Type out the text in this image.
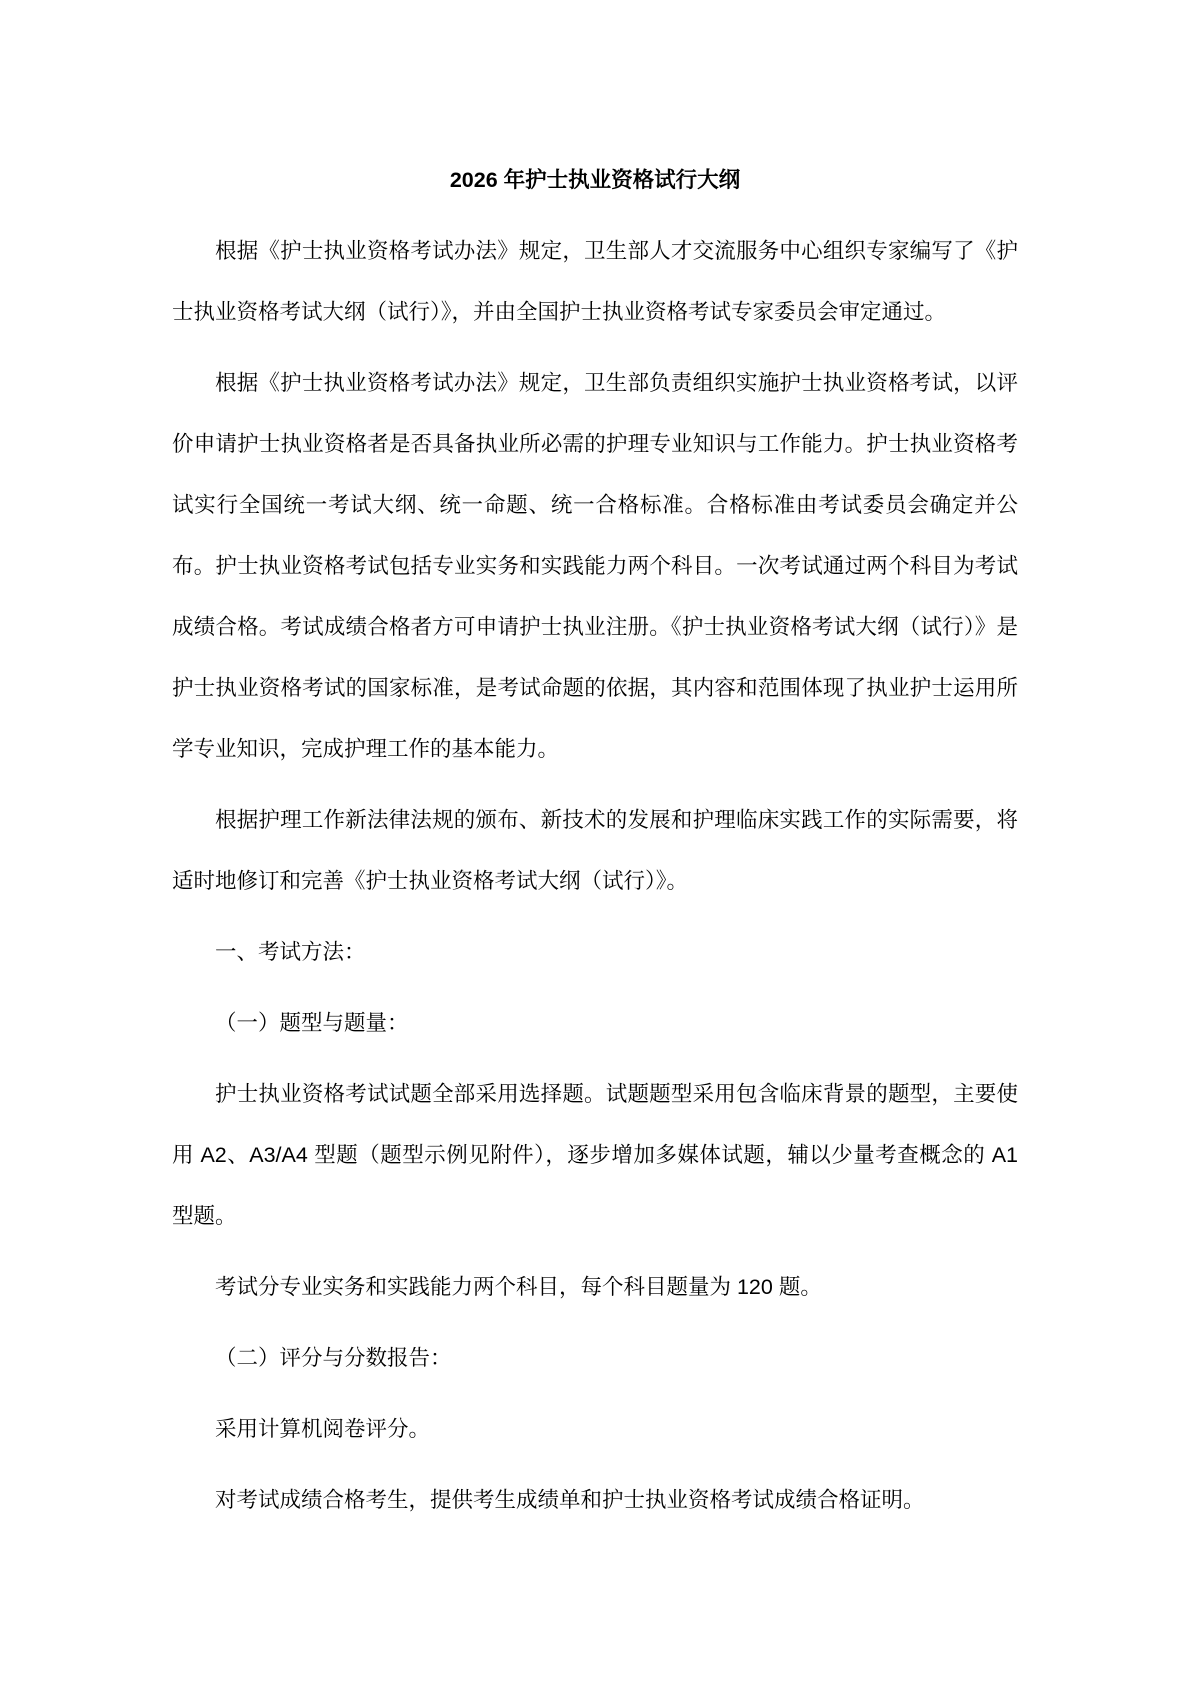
2026 年护士执业资格试行大纲

根据《护士执业资格考试办法》规定，卫生部人才交流服务中心组织专家编写了《护士执业资格考试大纲（试行）》，并由全国护士执业资格考试专家委员会审定通过。

根据《护士执业资格考试办法》规定，卫生部负责组织实施护士执业资格考试，以评价申请护士执业资格者是否具备执业所必需的护理专业知识与工作能力。护士执业资格考试实行全国统一考试大纲、统一命题、统一合格标准。合格标准由考试委员会确定并公布。护士执业资格考试包括专业实务和实践能力两个科目。一次考试通过两个科目为考试成绩合格。考试成绩合格者方可申请护士执业注册。《护士执业资格考试大纲（试行）》是护士执业资格考试的国家标准，是考试命题的依据，其内容和范围体现了执业护士运用所学专业知识，完成护理工作的基本能力。

根据护理工作新法律法规的颁布、新技术的发展和护理临床实践工作的实际需要，将适时地修订和完善《护士执业资格考试大纲（试行）》。

一、考试方法：

（一）题型与题量：

护士执业资格考试试题全部采用选择题。试题题型采用包含临床背景的题型，主要使用 A2、A3/A4 型题（题型示例见附件），逐步增加多媒体试题，辅以少量考查概念的 A1 型题。

考试分专业实务和实践能力两个科目，每个科目题量为 120 题。

（二）评分与分数报告：

采用计算机阅卷评分。

对考试成绩合格考生，提供考生成绩单和护士执业资格考试成绩合格证明。
